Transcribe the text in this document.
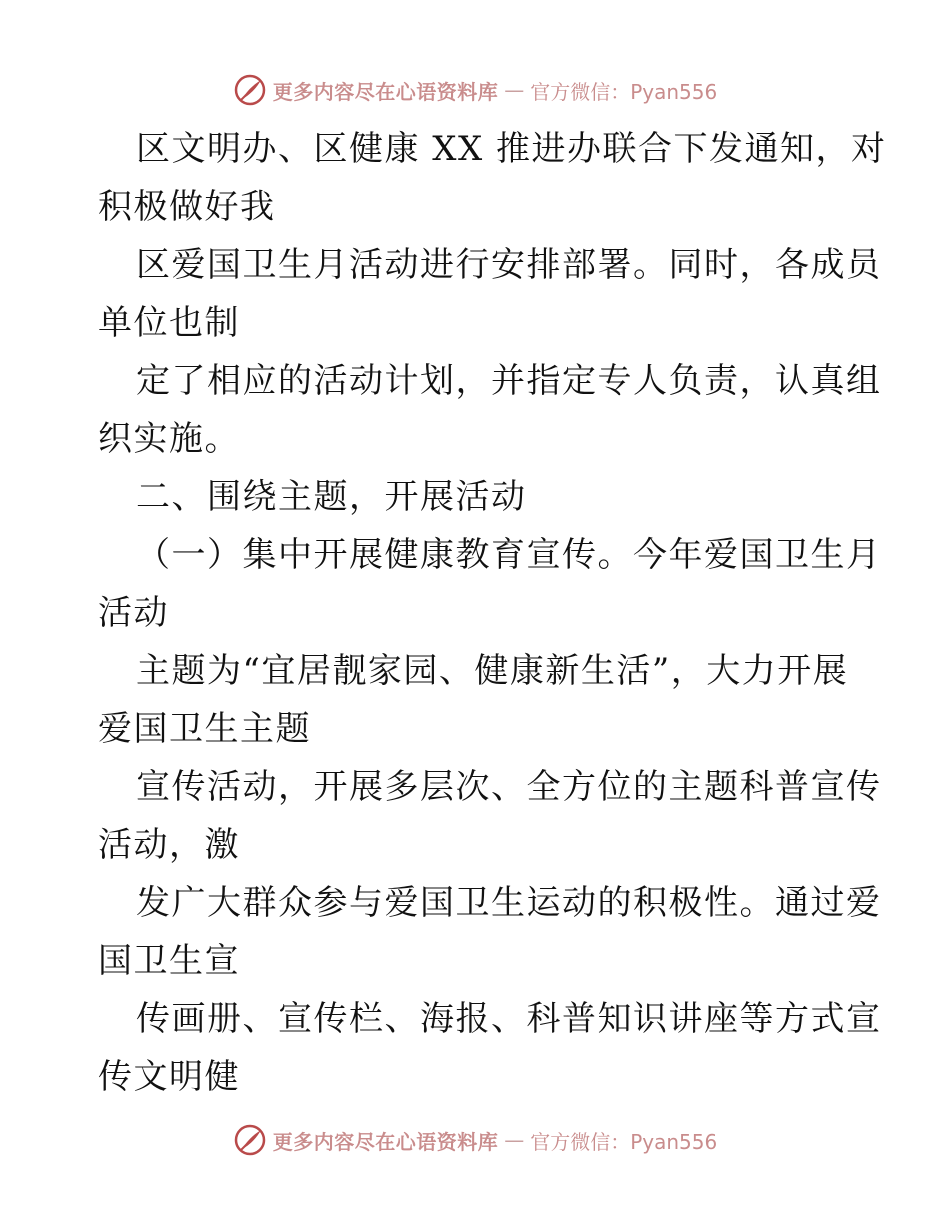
更多内容尽在心语资料库 — 官方微信：Pyan556
区文明办、区健康 XX 推进办联合下发通知，对
积极做好我
区爱国卫生月活动进行安排部署。同时，各成员
单位也制
定了相应的活动计划，并指定专人负责，认真组
织实施。
二、围绕主题，开展活动
（一）集中开展健康教育宣传。今年爱国卫生月
活动
主题为“宜居靓家园、健康新生活”，大力开展
爱国卫生主题
宣传活动，开展多层次、全方位的主题科普宣传
活动，激
发广大群众参与爱国卫生运动的积极性。通过爱
国卫生宣
传画册、宣传栏、海报、科普知识讲座等方式宣
传文明健
更多内容尽在心语资料库 — 官方微信：Pyan556
